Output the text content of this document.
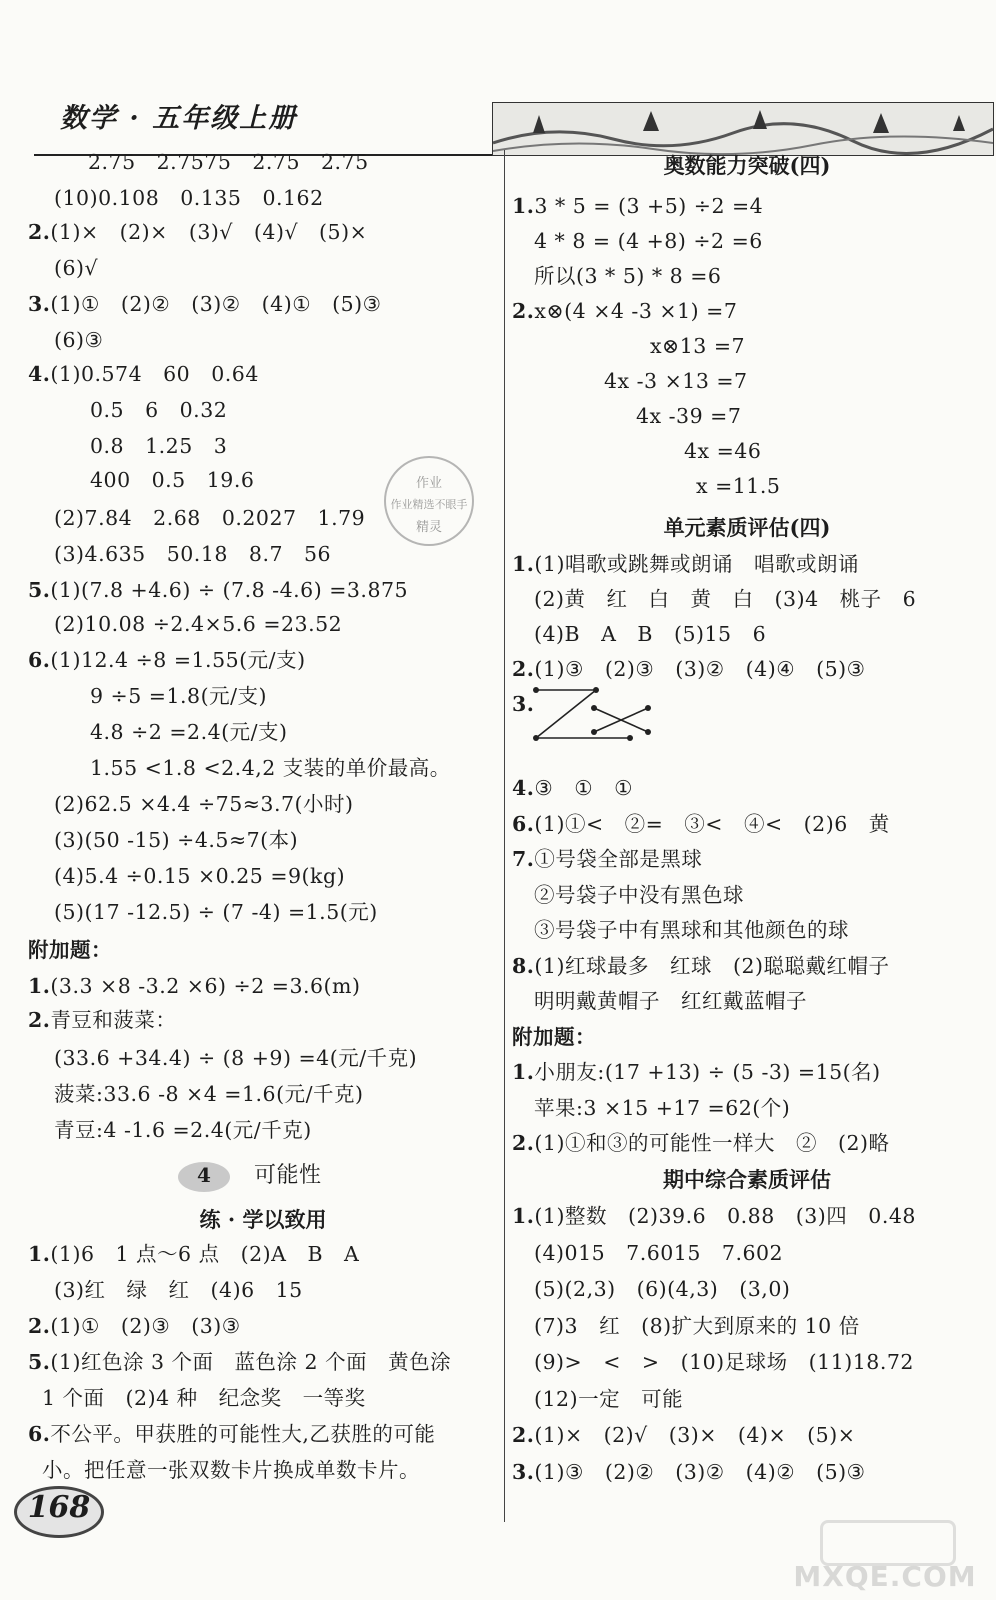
数学 · 五年级上册
2.75　2.7575　2.75　2.75
(10)0.108　0.135　0.162
2.(1)×　(2)×　(3)√　(4)√　(5)×
(6)√
3.(1)①　(2)②　(3)②　(4)①　(5)③
(6)③
4.(1)0.574　60　0.64
0.5　6　0.32
0.8　1.25　3
400　0.5　19.6
(2)7.84　2.68　0.2027　1.79
(3)4.635　50.18　8.7　56
5.(1)(7.8 +4.6) ÷ (7.8 -4.6) =3.875
(2)10.08 ÷2.4×5.6 =23.52
6.(1)12.4 ÷8 =1.55(元/支)
9 ÷5 =1.8(元/支)
4.8 ÷2 =2.4(元/支)
1.55 <1.8 <2.4,2 支装的单价最高。
(2)62.5 ×4.4 ÷75≈3.7(小时)
(3)(50 -15) ÷4.5≈7(本)
(4)5.4 ÷0.15 ×0.25 =9(kg)
(5)(17 -12.5) ÷ (7 -4) =1.5(元)
附加题：
1.(3.3 ×8 -3.2 ×6) ÷2 =3.6(m)
2.青豆和菠菜：
(33.6 +34.4) ÷ (8 +9) =4(元/千克)
菠菜:33.6 -8 ×4 =1.6(元/千克)
青豆:4 -1.6 =2.4(元/千克)
可能性
练 · 学以致用
1.(1)6　1 点～6 点　(2)A　B　A
(3)红　绿　红　(4)6　15
2.(1)①　(2)③　(3)③
5.(1)红色涂 3 个面　蓝色涂 2 个面　黄色涂
1 个面　(2)4 种　纪念奖　一等奖
6.不公平。甲获胜的可能性大,乙获胜的可能
小。把任意一张双数卡片换成单数卡片。
奥数能力突破(四)
1.3 * 5 = (3 +5) ÷2 =4
4 * 8 = (4 +8) ÷2 =6
所以(3 * 5) * 8 =6
2.x⊗(4 ×4 -3 ×1) =7
x⊗13 =7
4x -3 ×13 =7
4x -39 =7
4x =46
x =11.5
单元素质评估(四)
1.(1)唱歌或跳舞或朗诵　唱歌或朗诵
(2)黄　红　白　黄　白　(3)4　桃子　6
(4)B　A　B　(5)15　6
2.(1)③　(2)③　(3)②　(4)④　(5)③
3.
4.③　①　①
6.(1)①<　②=　③<　④<　(2)6　黄
7.①号袋全部是黑球
②号袋子中没有黑色球
③号袋子中有黑球和其他颜色的球
8.(1)红球最多　红球　(2)聪聪戴红帽子
明明戴黄帽子　红红戴蓝帽子
附加题：
1.小朋友:(17 +13) ÷ (5 -3) =15(名)
苹果:3 ×15 +17 =62(个)
2.(1)①和③的可能性一样大　②　(2)略
期中综合素质评估
1.(1)整数　(2)39.6　0.88　(3)四　0.48
(4)015　7.6015　7.602
(5)(2,3)　(6)(4,3)　(3,0)
(7)3　红　(8)扩大到原来的 10 倍
(9)>　<　>　(10)足球场　(11)18.72
(12)一定　可能
2.(1)×　(2)√　(3)×　(4)×　(5)×
3.(1)③　(2)②　(3)②　(4)②　(5)③
作业
作业精选不眼手
精灵
168
MXQE.COM
4
